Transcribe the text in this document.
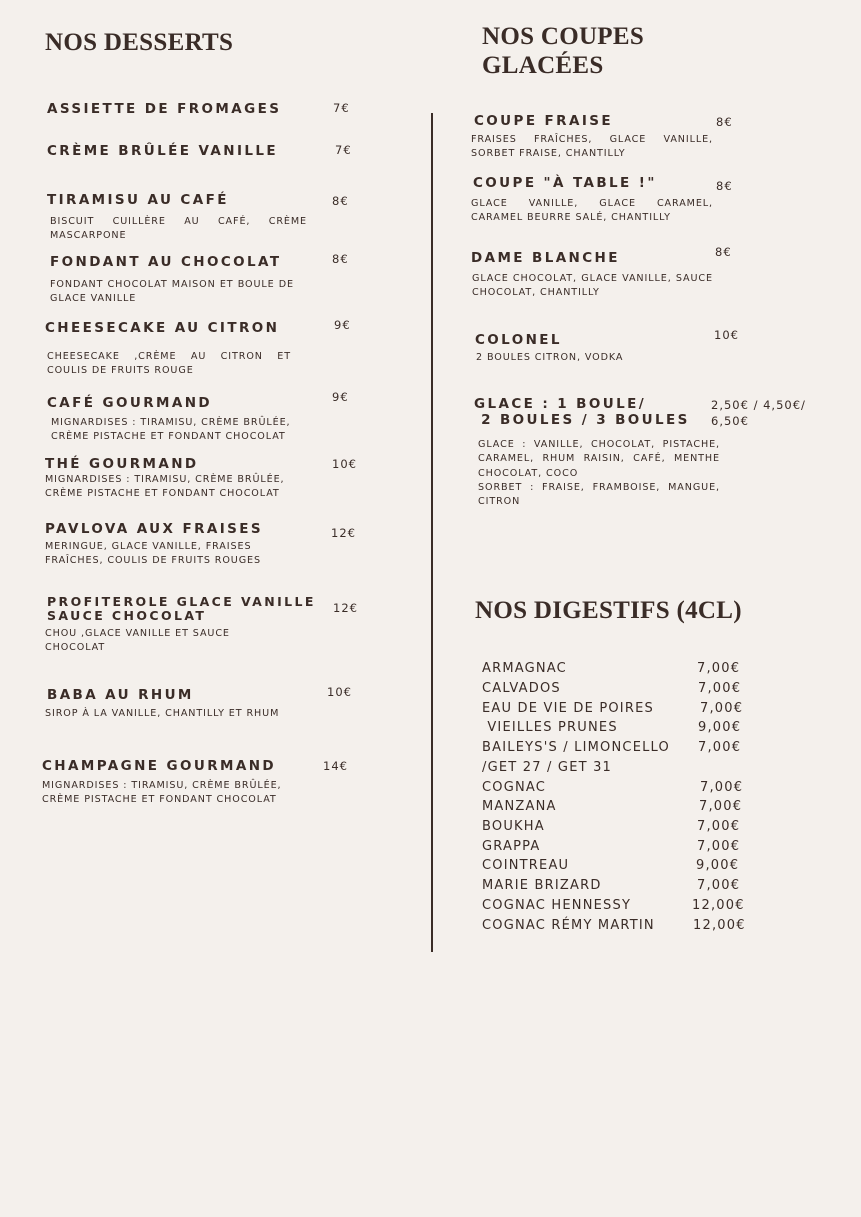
NOS DESSERTS
ASSIETTE DE FROMAGES	7€
CRÈME BRÛLÉE VANILLE	7€
TIRAMISU AU CAFÉ
BISCUIT CUILLÈRE AU CAFÉ, CRÈME MASCARPONE
8€
FONDANT AU CHOCOLAT
FONDANT CHOCOLAT MAISON ET BOULE DE GLACE VANILLE
8€
CHEESECAKE AU CITRON
CHEESECAKE ,CRÈME AU CITRON ET COULIS DE FRUITS ROUGE
9€
CAFÉ GOURMAND
MIGNARDISES : TIRAMISU, CRÈME BRÛLÉE, CRÈME PISTACHE ET FONDANT CHOCOLAT
9€
THÉ GOURMAND
MIGNARDISES : TIRAMISU, CRÈME BRÛLÉE, CRÈME PISTACHE ET FONDANT CHOCOLAT
10€
PAVLOVA AUX FRAISES
MERINGUE, GLACE VANILLE, FRAISES FRAÎCHES, COULIS DE FRUITS ROUGES
12€
PROFITEROLE GLACE VANILLE
SAUCE CHOCOLAT
CHOU ,GLACE VANILLE ET SAUCE CHOCOLAT
12€
BABA AU RHUM
SIROP À LA VANILLE, CHANTILLY ET RHUM
10€
CHAMPAGNE GOURMAND
MIGNARDISES : TIRAMISU, CRÈME BRÛLÉE, CRÈME PISTACHE ET FONDANT CHOCOLAT
14€
NOS COUPES GLACÉES
COUPE FRAISE
FRAISES FRAÎCHES, GLACE VANILLE, SORBET FRAISE, CHANTILLY
8€
COUPE "À TABLE !"
GLACE VANILLE, GLACE CARAMEL, CARAMEL BEURRE SALÉ, CHANTILLY
8€
DAME BLANCHE
GLACE CHOCOLAT, GLACE VANILLE, SAUCE CHOCOLAT, CHANTILLY
8€
COLONEL
2 BOULES CITRON, VODKA
10€
GLACE : 1 BOULE/
2 BOULES / 3 BOULES
GLACE : VANILLE, CHOCOLAT, PISTACHE, CARAMEL, RHUM RAISIN, CAFÉ, MENTHE CHOCOLAT, COCO
SORBET : FRAISE, FRAMBOISE, MANGUE, CITRON
2,50€ / 4,50€/ 6,50€
NOS DIGESTIFS (4CL)
ARMAGNAC	7,00€
CALVADOS	7,00€
EAU DE VIE DE POIRES	7,00€
VIEILLES PRUNES	9,00€
BAILEYS'S / LIMONCELLO 7,00€
/GET 27 / GET 31
COGNAC	7,00€
MANZANA	7,00€
BOUKHA	7,00€
GRAPPA	7,00€
COINTREAU	9,00€
MARIE BRIZARD	7,00€
COGNAC HENNESSY	12,00€
COGNAC RÉMY MARTIN	12,00€
